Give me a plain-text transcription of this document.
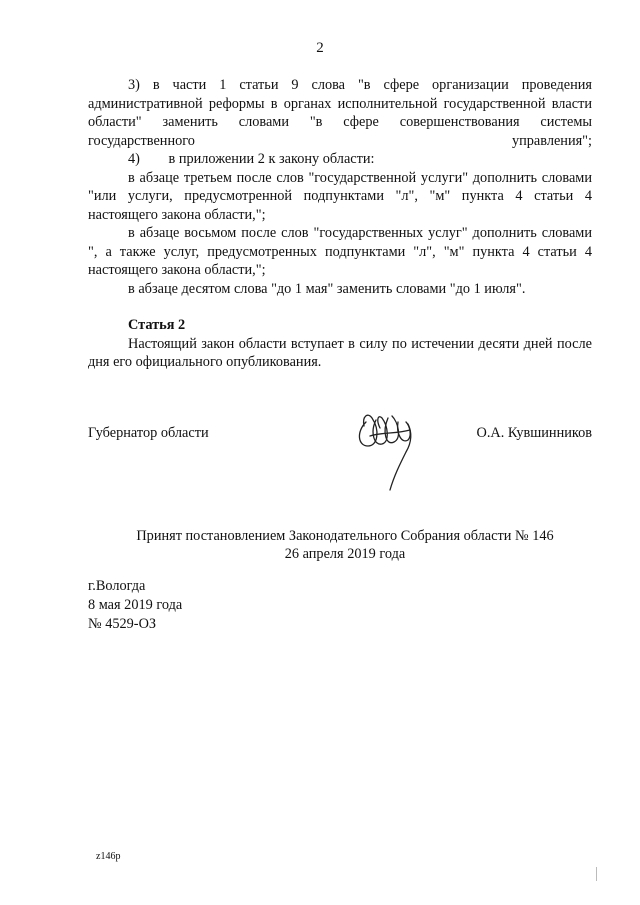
2

3) в части 1 статьи 9 слова "в сфере организации проведения административной реформы в органах исполнительной государственной власти области" заменить словами "в сфере совершенствования системы государственного управления";

4)        в приложении 2 к закону области:

в абзаце третьем после слов "государственной услуги" дополнить словами "или услуги, предусмотренной подпунктами "л", "м" пункта 4 статьи 4 настоящего закона области,";

в абзаце восьмом после слов "государственных услуг" дополнить словами ", а также услуг, предусмотренных подпунктами "л", "м" пункта 4 статьи 4 настоящего закона области,";

в абзаце десятом слова "до 1 мая" заменить словами "до 1 июля".

Статья 2

Настоящий закон области вступает в силу по истечении десяти дней после дня его официального опубликования.

Губернатор области	О.А. Кувшинников
Принят постановлением Законодательного Собрания области № 146
26 апреля 2019 года
г.Вологда
8 мая 2019 года
№ 4529-ОЗ
z146p
